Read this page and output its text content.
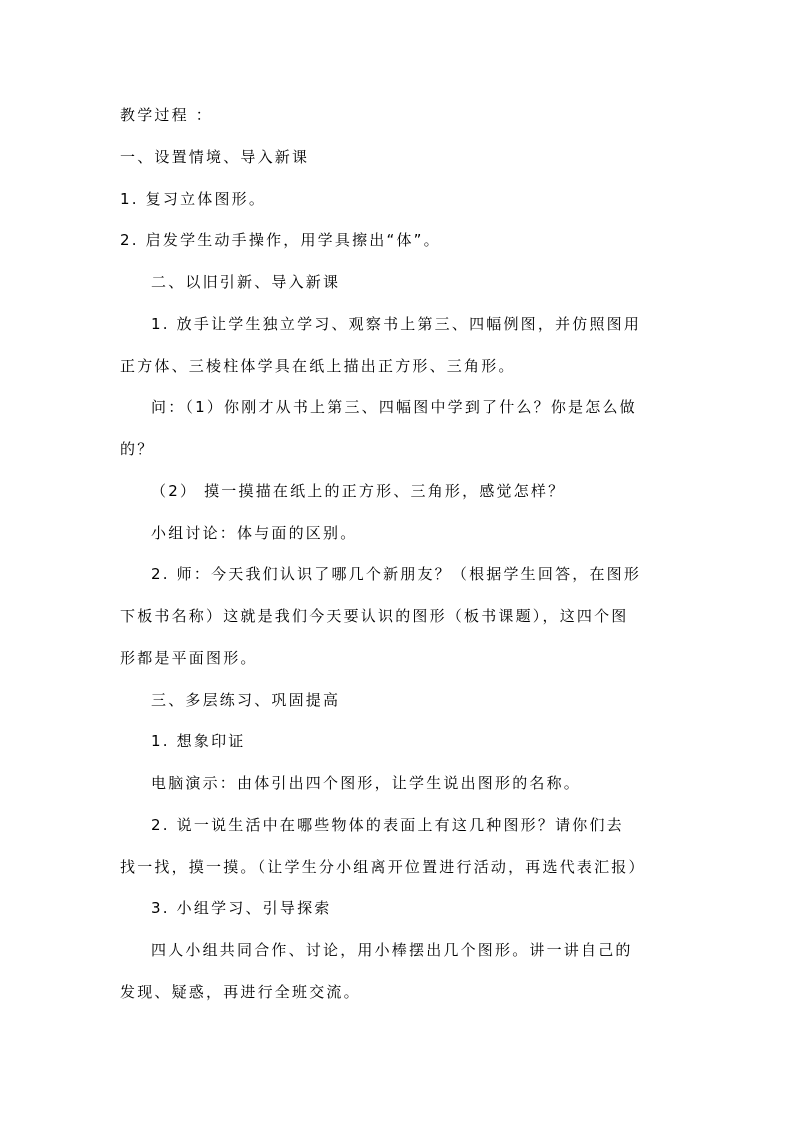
教学过程 ：
一、设置情境、导入新课
1. 复习立体图形。
2. 启发学生动手操作，用学具擦出“体”。
二、以旧引新、导入新课
1. 放手让学生独立学习、观察书上第三、四幅例图，并仿照图用
正方体、三棱柱体学具在纸上描出正方形、三角形。
问：（1）你刚才从书上第三、四幅图中学到了什么？你是怎么做
的？
（2） 摸一摸描在纸上的正方形、三角形，感觉怎样？
小组讨论：体与面的区别。
2. 师：今天我们认识了哪几个新朋友？（根据学生回答，在图形
下板书名称）这就是我们今天要认识的图形（板书课题），这四个图
形都是平面图形。
三、多层练习、巩固提高
1. 想象印证
电脑演示：由体引出四个图形，让学生说出图形的名称。
2. 说一说生活中在哪些物体的表面上有这几种图形？请你们去
找一找，摸一摸。（让学生分小组离开位置进行活动，再选代表汇报）
3. 小组学习、引导探索
四人小组共同合作、讨论，用小棒摆出几个图形。讲一讲自己的
发现、疑惑，再进行全班交流。
